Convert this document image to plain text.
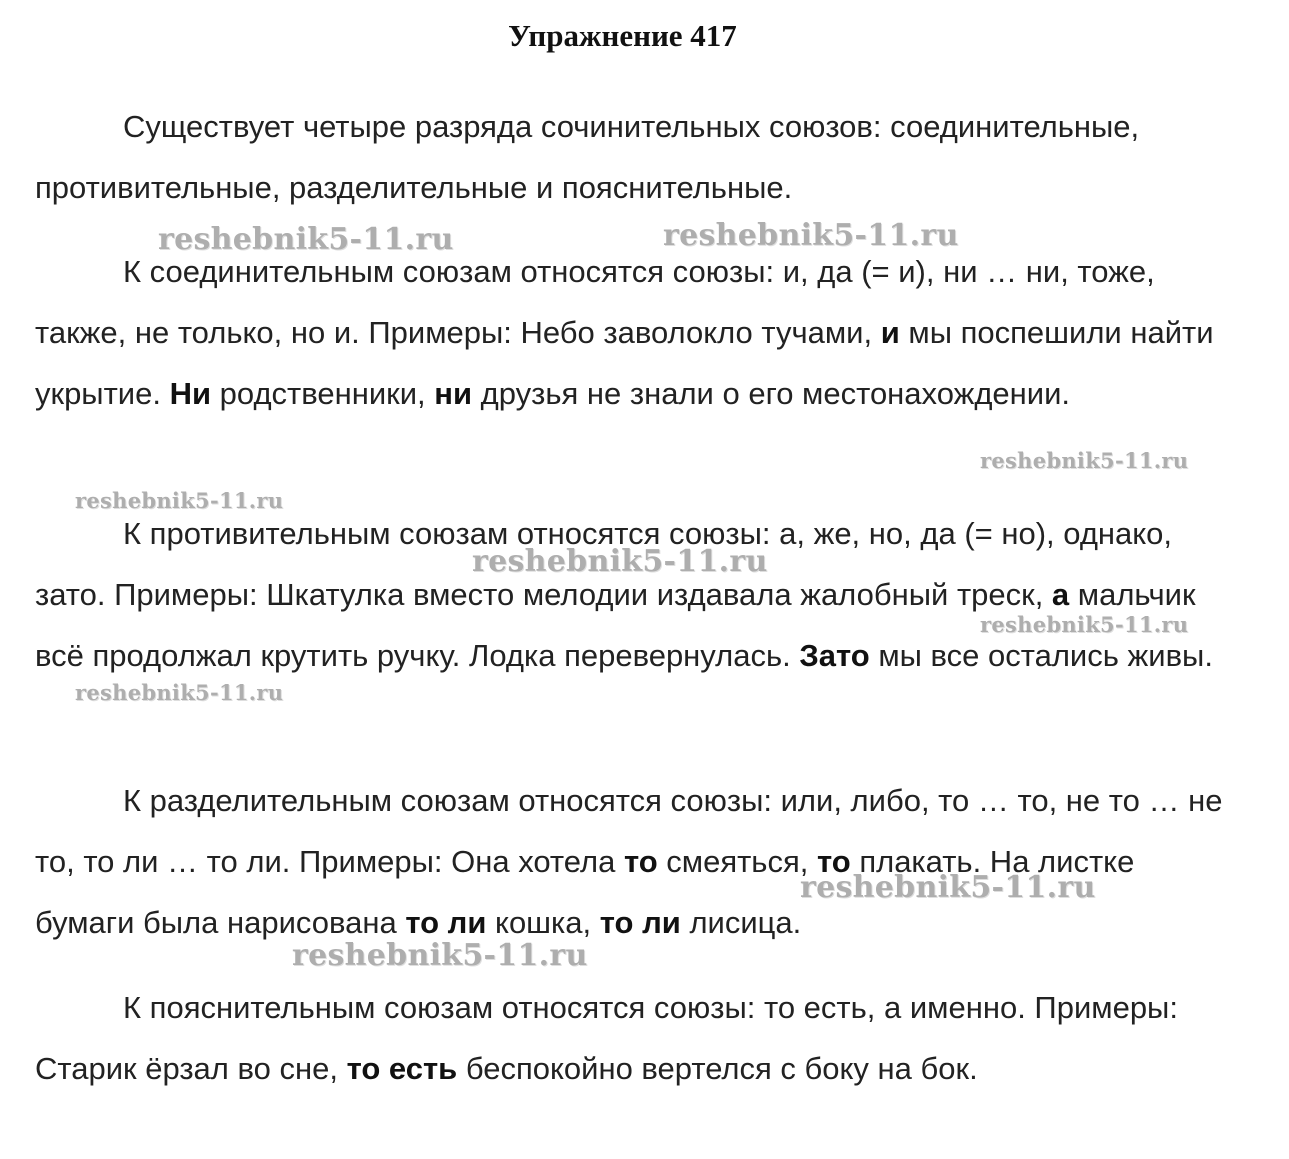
Упражнение 417
Существует четыре разряда сочинительных союзов: соединительные, противительные, разделительные и пояснительные.
К соединительным союзам относятся союзы: и, да (= и), ни … ни, тоже, также, не только, но и. Примеры: Небо заволокло тучами, и мы поспешили найти укрытие. Ни родственники, ни друзья не знали о его местонахождении.
К противительным союзам относятся союзы: а, же, но, да (= но), однако, зато. Примеры: Шкатулка вместо мелодии издавала жалобный треск, а мальчик всё продолжал крутить ручку. Лодка перевернулась. Зато мы все остались живы.
К разделительным союзам относятся союзы: или, либо, то … то, не то … не то, то ли … то ли. Примеры: Она хотела то смеяться, то плакать. На листке бумаги была нарисована то ли кошка, то ли лисица.
К пояснительным союзам относятся союзы: то есть, а именно. Примеры: Старик ёрзал во сне, то есть беспокойно вертелся с боку на бок.
reshebnik5-11.ru	reshebnik5-11.ru
reshebnik5-11.ru
reshebnik5-11.ru
reshebnik5-11.ru
reshebnik5-11.ru
reshebnik5-11.ru
reshebnik5-11.ru
reshebnik5-11.ru
